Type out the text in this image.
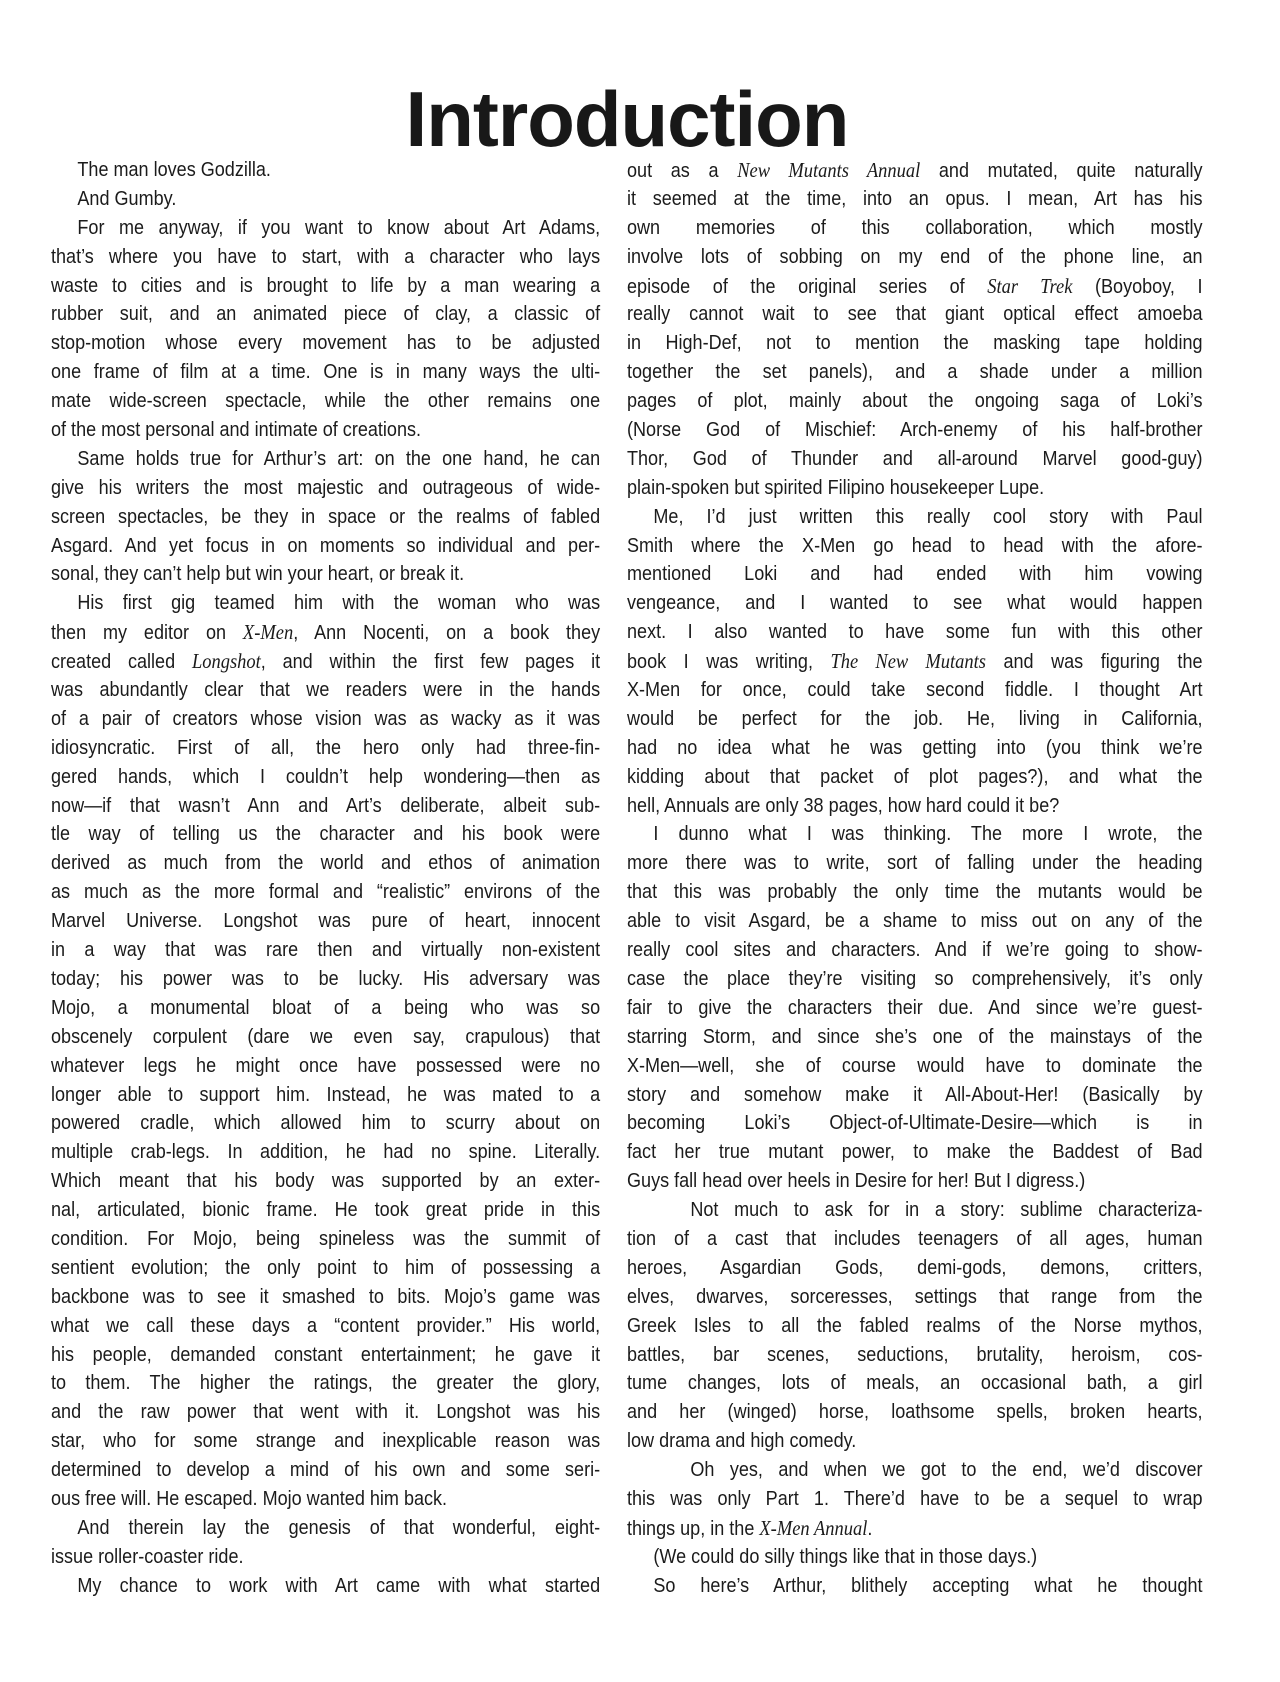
Introduction
The man loves Godzilla.
And Gumby.
For me anyway, if you want to know about Art Adams,
that’s where you have to start, with a character who lays
waste to cities and is brought to life by a man wearing a
rubber suit, and an animated piece of clay, a classic of
stop-motion whose every movement has to be adjusted
one frame of film at a time. One is in many ways the ulti-
mate wide-screen spectacle, while the other remains one
of the most personal and intimate of creations.
Same holds true for Arthur’s art: on the one hand, he can
give his writers the most majestic and outrageous of wide-
screen spectacles, be they in space or the realms of fabled
Asgard. And yet focus in on moments so individual and per-
sonal, they can’t help but win your heart, or break it.
His first gig teamed him with the woman who was
then my editor on X-Men, Ann Nocenti, on a book they
created called Longshot, and within the first few pages it
was abundantly clear that we readers were in the hands
of a pair of creators whose vision was as wacky as it was
idiosyncratic. First of all, the hero only had three-fin-
gered hands, which I couldn’t help wondering—then as
now—if that wasn’t Ann and Art’s deliberate, albeit sub-
tle way of telling us the character and his book were
derived as much from the world and ethos of animation
as much as the more formal and “realistic” environs of the
Marvel Universe. Longshot was pure of heart, innocent
in a way that was rare then and virtually non-existent
today; his power was to be lucky. His adversary was
Mojo, a monumental bloat of a being who was so
obscenely corpulent (dare we even say, crapulous) that
whatever legs he might once have possessed were no
longer able to support him. Instead, he was mated to a
powered cradle, which allowed him to scurry about on
multiple crab-legs. In addition, he had no spine. Literally.
Which meant that his body was supported by an exter-
nal, articulated, bionic frame. He took great pride in this
condition. For Mojo, being spineless was the summit of
sentient evolution; the only point to him of possessing a
backbone was to see it smashed to bits. Mojo’s game was
what we call these days a “content provider.” His world,
his people, demanded constant entertainment; he gave it
to them. The higher the ratings, the greater the glory,
and the raw power that went with it. Longshot was his
star, who for some strange and inexplicable reason was
determined to develop a mind of his own and some seri-
ous free will. He escaped. Mojo wanted him back.
And therein lay the genesis of that wonderful, eight-
issue roller-coaster ride.
My chance to work with Art came with what started
out as a New Mutants Annual and mutated, quite naturally
it seemed at the time, into an opus. I mean, Art has his
own memories of this collaboration, which mostly
involve lots of sobbing on my end of the phone line, an
episode of the original series of Star Trek (Boyoboy, I
really cannot wait to see that giant optical effect amoeba
in High-Def, not to mention the masking tape holding
together the set panels), and a shade under a million
pages of plot, mainly about the ongoing saga of Loki’s
(Norse God of Mischief: Arch-enemy of his half-brother
Thor, God of Thunder and all-around Marvel good-guy)
plain-spoken but spirited Filipino housekeeper Lupe.
Me, I’d just written this really cool story with Paul
Smith where the X-Men go head to head with the afore-
mentioned Loki and had ended with him vowing
vengeance, and I wanted to see what would happen
next. I also wanted to have some fun with this other
book I was writing, The New Mutants and was figuring the
X-Men for once, could take second fiddle. I thought Art
would be perfect for the job. He, living in California,
had no idea what he was getting into (you think we’re
kidding about that packet of plot pages?), and what the
hell, Annuals are only 38 pages, how hard could it be?
I dunno what I was thinking. The more I wrote, the
more there was to write, sort of falling under the heading
that this was probably the only time the mutants would be
able to visit Asgard, be a shame to miss out on any of the
really cool sites and characters. And if we’re going to show-
case the place they’re visiting so comprehensively, it’s only
fair to give the characters their due. And since we’re guest-
starring Storm, and since she’s one of the mainstays of the
X-Men—well, she of course would have to dominate the
story and somehow make it All-About-Her! (Basically by
becoming Loki’s Object-of-Ultimate-Desire—which is in
fact her true mutant power, to make the Baddest of Bad
Guys fall head over heels in Desire for her! But I digress.)
Not much to ask for in a story: sublime characteriza-
tion of a cast that includes teenagers of all ages, human
heroes, Asgardian Gods, demi-gods, demons, critters,
elves, dwarves, sorceresses, settings that range from the
Greek Isles to all the fabled realms of the Norse mythos,
battles, bar scenes, seductions, brutality, heroism, cos-
tume changes, lots of meals, an occasional bath, a girl
and her (winged) horse, loathsome spells, broken hearts,
low drama and high comedy.
Oh yes, and when we got to the end, we’d discover
this was only Part 1. There’d have to be a sequel to wrap
things up, in the X-Men Annual.
(We could do silly things like that in those days.)
So here’s Arthur, blithely accepting what he thought
